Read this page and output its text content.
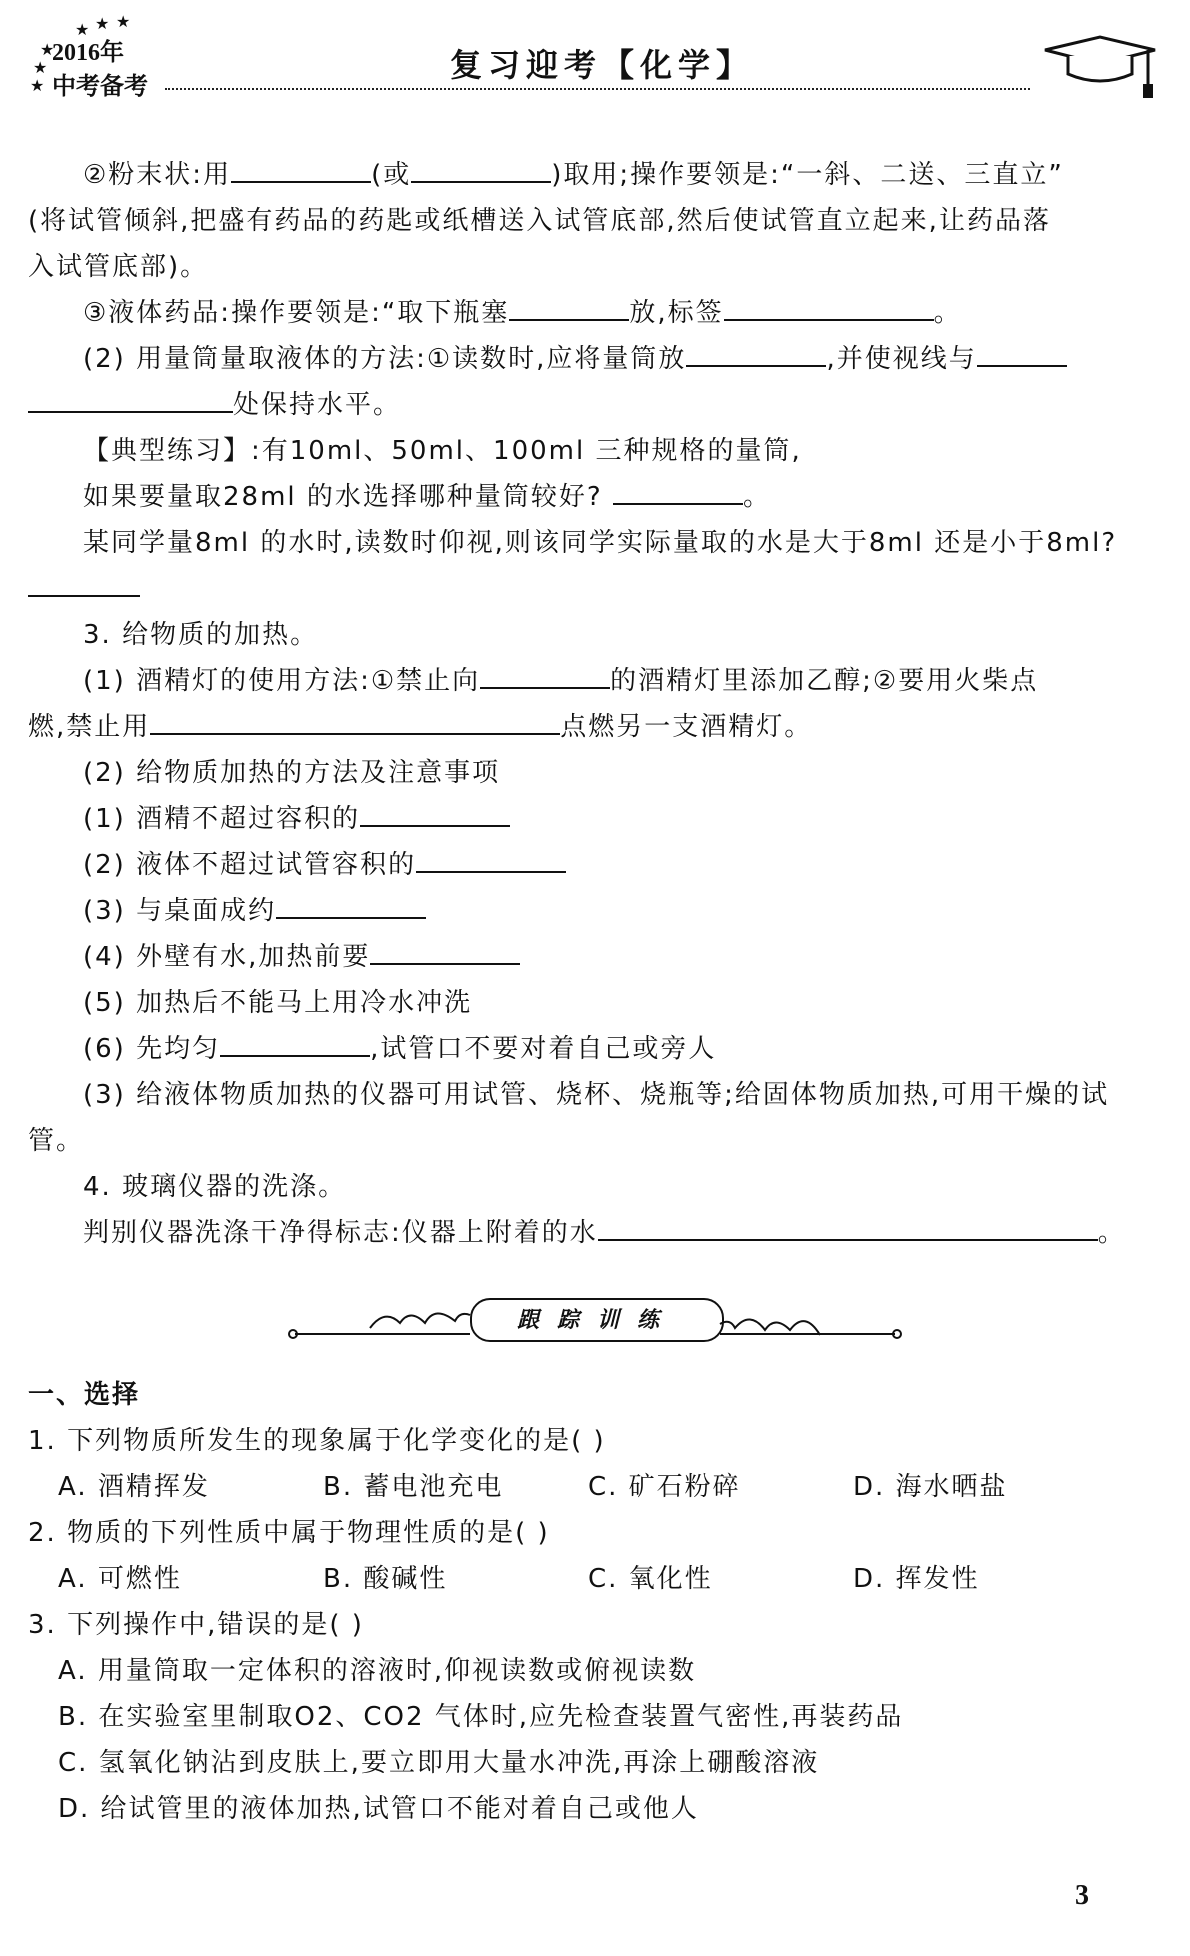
★ ★ ★
★
★
★
2016年
中考备考
复习迎考【化学】
②粉末状:用	(或	)取用;操作要领是:“一斜、二送、三直立”
(将试管倾斜,把盛有药品的药匙或纸槽送入试管底部,然后使试管直立起来,让药品落
入试管底部)。
③液体药品:操作要领是:“取下瓶塞	放,标签	。
(2) 用量筒量取液体的方法:①读数时,应将量筒放	,并使视线与
处保持水平。
【典型练习】:有10ml、50ml、100ml 三种规格的量筒,
如果要量取28ml 的水选择哪种量筒较好?	。
某同学量8ml 的水时,读数时仰视,则该同学实际量取的水是大于8ml 还是小于8ml?
3. 给物质的加热。
(1) 酒精灯的使用方法:①禁止向	的酒精灯里添加乙醇;②要用火柴点
燃,禁止用	点燃另一支酒精灯。
(2) 给物质加热的方法及注意事项
(1) 酒精不超过容积的
(2) 液体不超过试管容积的
(3) 与桌面成约
(4) 外壁有水,加热前要
(5) 加热后不能马上用冷水冲洗
(6) 先均匀	,试管口不要对着自己或旁人
(3) 给液体物质加热的仪器可用试管、烧杯、烧瓶等;给固体物质加热,可用干燥的试
管。
4. 玻璃仪器的洗涤。
判别仪器洗涤干净得标志:仪器上附着的水	。
跟踪训练
一、选择
1. 下列物质所发生的现象属于化学变化的是( )
A. 酒精挥发	B. 蓄电池充电	C. 矿石粉碎	D. 海水晒盐
2. 物质的下列性质中属于物理性质的是( )
A. 可燃性	B. 酸碱性	C. 氧化性	D. 挥发性
3. 下列操作中,错误的是( )
A. 用量筒取一定体积的溶液时,仰视读数或俯视读数
B. 在实验室里制取O2、CO2 气体时,应先检查装置气密性,再装药品
C. 氢氧化钠沾到皮肤上,要立即用大量水冲洗,再涂上硼酸溶液
D. 给试管里的液体加热,试管口不能对着自己或他人
3
